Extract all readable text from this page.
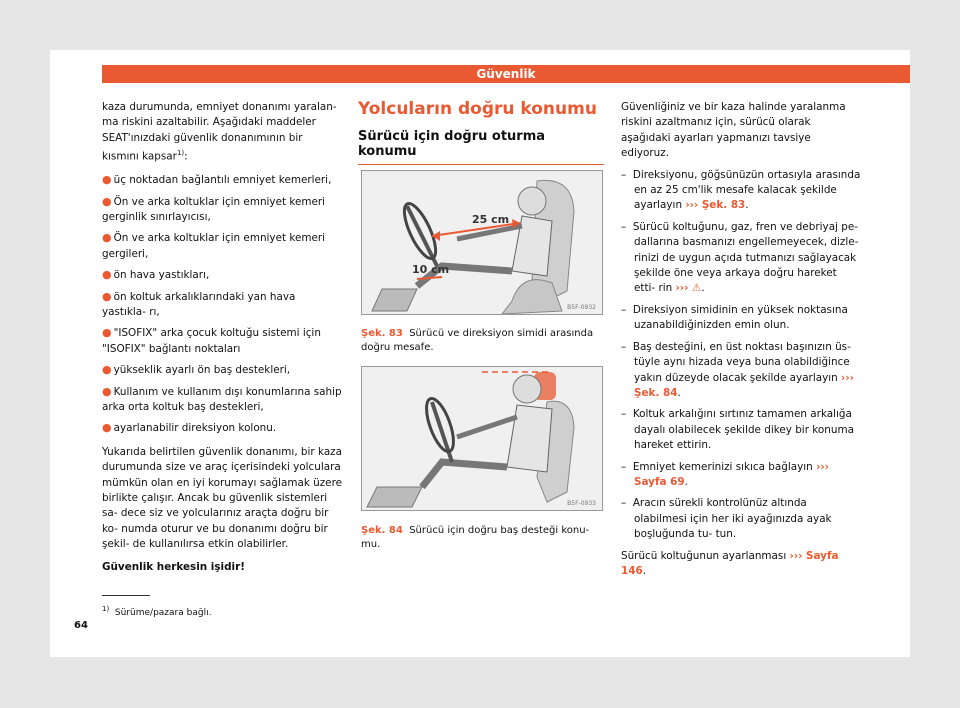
Güvenlik

kaza durumunda, emniyet donanımı yaralan- ma riskini azaltabilir. Aşağıdaki maddeler SEAT'ınızdaki güvenlik donanımının bir kısmını kapsar$^{1)}$:

● üç noktadan bağlantılı emniyet kemerleri,

● Ön ve arka koltuklar için emniyet kemeri gerginlik sınırlayıcısı,

● Ön ve arka koltuklar için emniyet kemeri gergileri,

● ön hava yastıkları,

● ön koltuk arkalıklarındaki yan hava yastıkla- rı,

● "ISOFIX" arka çocuk koltuğu sistemi için "ISOFIX" bağlantı noktaları

● yükseklik ayarlı ön baş destekleri,

● Kullanım ve kullanım dışı konumlarına sahip arka orta koltuk baş destekleri,

● ayarlanabilir direksiyon kolonu.

Yukarıda belirtilen güvenlik donanımı, bir kaza durumunda size ve araç içerisindeki yolculara mümkün olan en iyi korumayı sağlamak üzere birlikte çalışır. Ancak bu güvenlik sistemleri sa- dece siz ve yolcularınız araçta doğru bir ko- numda oturur ve bu donanımı doğru bir şekil- de kullanılırsa etkin olabilirler.

Güvenlik herkesin işidir!

Yolcuların doğru konumu
Sürücü için doğru oturma konumu
25 cm
10 cm
B5F-0932
Şek. 83 Sürücü ve direksiyon simidi arasında doğru mesafe.
B5F-0933
Şek. 84 Sürücü için doğru baş desteği konu- mu.

Güvenliğiniz ve bir kaza halinde yaralanma riskini azaltmanız için, sürücü olarak aşağıdaki ayarları yapmanızı tavsiye ediyoruz.

–  Direksiyonu, göğsünüzün ortasıyla arasında en az 25 cm'lik mesafe kalacak şekilde ayarlayın ››› Şek. 83.

–  Sürücü koltuğunu, gaz, fren ve debriyaj pe- dallarına basmanızı engellemeyecek, dizle- rinizi de uygun açıda tutmanızı sağlayacak şekilde öne veya arkaya doğru hareket etti- rin ››› ⚠.

–  Direksiyon simidinin en yüksek noktasına uzanabildiğinizden emin olun.

–  Baş desteğini, en üst noktası başınızın üs- tüyle aynı hizada veya buna olabildiğince yakın düzeyde olacak şekilde ayarlayın ››› Şek. 84.

–  Koltuk arkalığını sırtınız tamamen arkalığa dayalı olabilecek şekilde dikey bir konuma hareket ettirin.

–  Emniyet kemerinizi sıkıca bağlayın ››› Sayfa 69.

–  Aracın sürekli kontrolünüz altında olabilmesi için her iki ayağınızda ayak boşluğunda tu- tun.

Sürücü koltuğunun ayarlanması ››› Sayfa 146.

$^{1)}$ Sürüme/pazara bağlı.
64
